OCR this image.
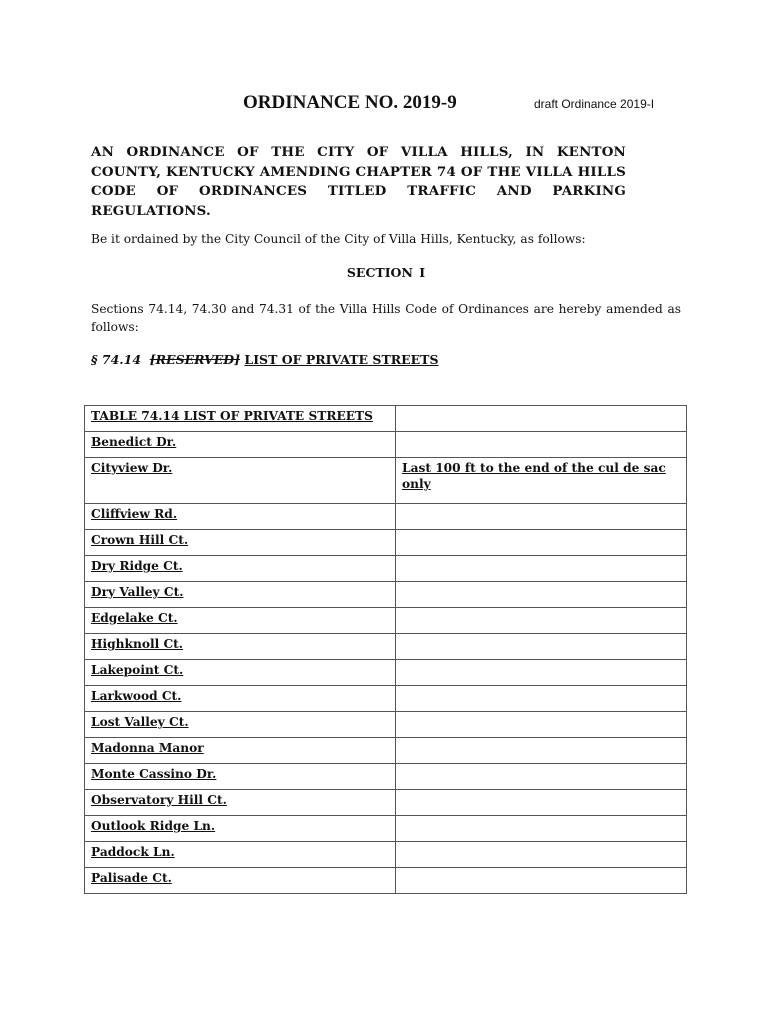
ORDINANCE NO. 2019-9	draft Ordinance 2019-I
AN ORDINANCE OF THE CITY OF VILLA HILLS, IN KENTON COUNTY, KENTUCKY AMENDING CHAPTER 74 OF THE VILLA HILLS CODE OF ORDINANCES TITLED TRAFFIC AND PARKING REGULATIONS.
Be it ordained by the City Council of the City of Villa Hills, Kentucky, as follows:
SECTION I
Sections 74.14, 74.30 and 74.31 of the Villa Hills Code of Ordinances are hereby amended as follows:
§ 74.14 [RESERVED] LIST OF PRIVATE STREETS
TABLE 74.14 LIST OF PRIVATE STREETS	
Benedict Dr.	
Cityview Dr.	Last 100 ft to the end of the cul de sac only
Cliffview Rd.	
Crown Hill Ct.	
Dry Ridge Ct.	
Dry Valley Ct.	
Edgelake Ct.	
Highknoll Ct.	
Lakepoint Ct.	
Larkwood Ct.	
Lost Valley Ct.	
Madonna Manor	
Monte Cassino Dr.	
Observatory Hill Ct.	
Outlook Ridge Ln.	
Paddock Ln.	
Palisade Ct.	
